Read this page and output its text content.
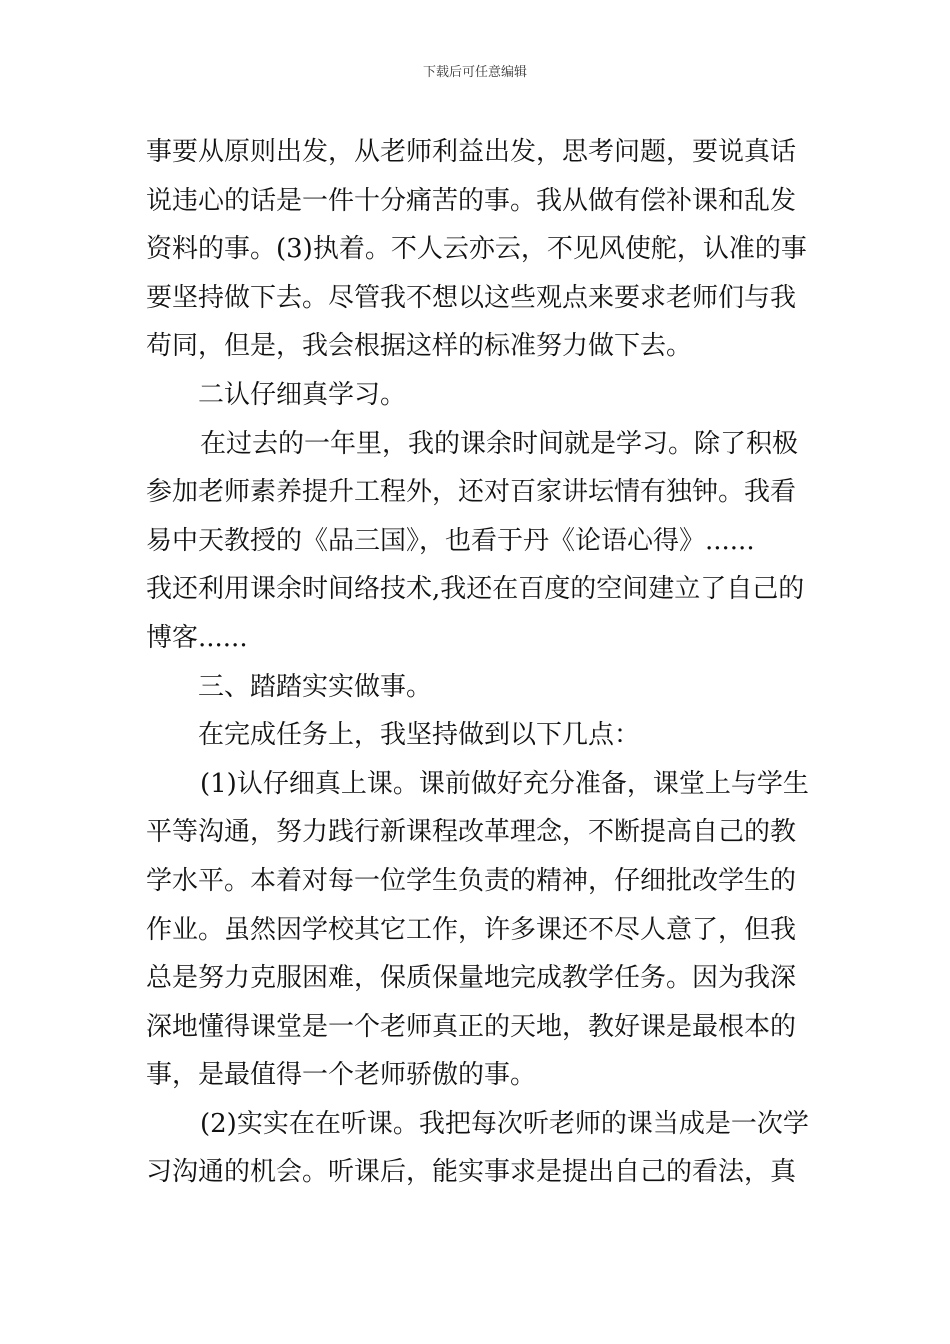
下载后可任意编辑
事要从原则出发，从老师利益出发，思考问题，要说真话
说违心的话是一件十分痛苦的事。我从做有偿补课和乱发
资料的事。(3)执着。不人云亦云，不见风使舵，认准的事
要坚持做下去。尽管我不想以这些观点来要求老师们与我
苟同，但是，我会根据这样的标准努力做下去。
二认仔细真学习。
在过去的一年里，我的课余时间就是学习。除了积极
参加老师素养提升工程外，还对百家讲坛情有独钟。我看
易中天教授的《品三国》，也看于丹《论语心得》......
我还利用课余时间络技术,我还在百度的空间建立了自己的
博客......
三、踏踏实实做事。
在完成任务上，我坚持做到以下几点：
(1)认仔细真上课。课前做好充分准备，课堂上与学生
平等沟通，努力践行新课程改革理念，不断提高自己的教
学水平。本着对每一位学生负责的精神，仔细批改学生的
作业。虽然因学校其它工作，许多课还不尽人意了，但我
总是努力克服困难，保质保量地完成教学任务。因为我深
深地懂得课堂是一个老师真正的天地，教好课是最根本的
事，是最值得一个老师骄傲的事。
(2)实实在在听课。我把每次听老师的课当成是一次学
习沟通的机会。听课后，能实事求是提出自己的看法，真
